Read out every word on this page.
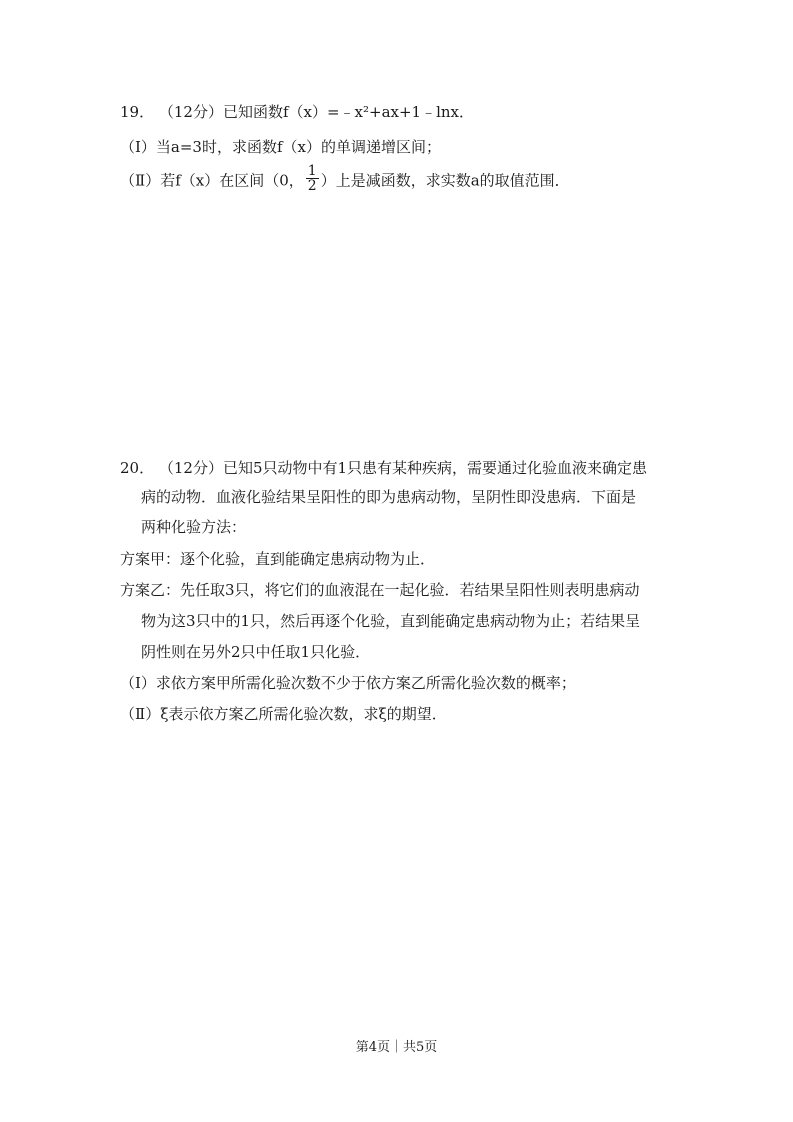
19． （12分）已知函数f（x）=﹣x²+ax+1﹣lnx．
（Ⅰ）当a=3时，求函数f（x）的单调递增区间；
（Ⅱ）若f（x）在区间（0， $\frac{1}{2}$ ）上是减函数，求实数a的取值范围．
20． （12分）已知5只动物中有1只患有某种疾病，需要通过化验血液来确定患
病的动物．血液化验结果呈阳性的即为患病动物，呈阴性即没患病．下面是
两种化验方法：
方案甲：逐个化验，直到能确定患病动物为止．
方案乙：先任取3只，将它们的血液混在一起化验．若结果呈阳性则表明患病动
物为这3只中的1只，然后再逐个化验，直到能确定患病动物为止；若结果呈
阴性则在另外2只中任取1只化验．
（Ⅰ）求依方案甲所需化验次数不少于依方案乙所需化验次数的概率；
（Ⅱ）ξ表示依方案乙所需化验次数，求ξ的期望．
第4页｜共5页
